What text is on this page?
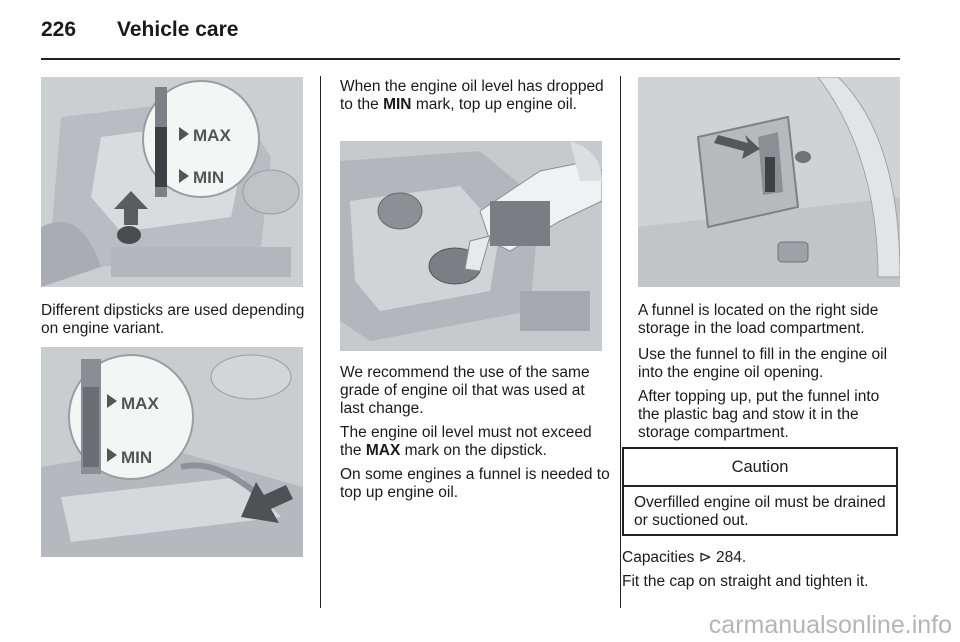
226 Vehicle care
MAX
MIN

Different dipsticks are used depending on engine variant.

MAX
MIN

When the engine oil level has dropped to the MIN mark, top up engine oil.

We recommend the use of the same grade of engine oil that was used at last change.

The engine oil level must not exceed the MAX mark on the dipstick.

On some engines a funnel is needed to top up engine oil.

A funnel is located on the right side storage in the load compartment.

Use the funnel to fill in the engine oil into the engine oil opening.

After topping up, put the funnel into the plastic bag and stow it in the storage compartment.

Caution
Overfilled engine oil must be drained or suctioned out.

Capacities ⊳ 284.

Fit the cap on straight and tighten it.

carmanualsonline.info
